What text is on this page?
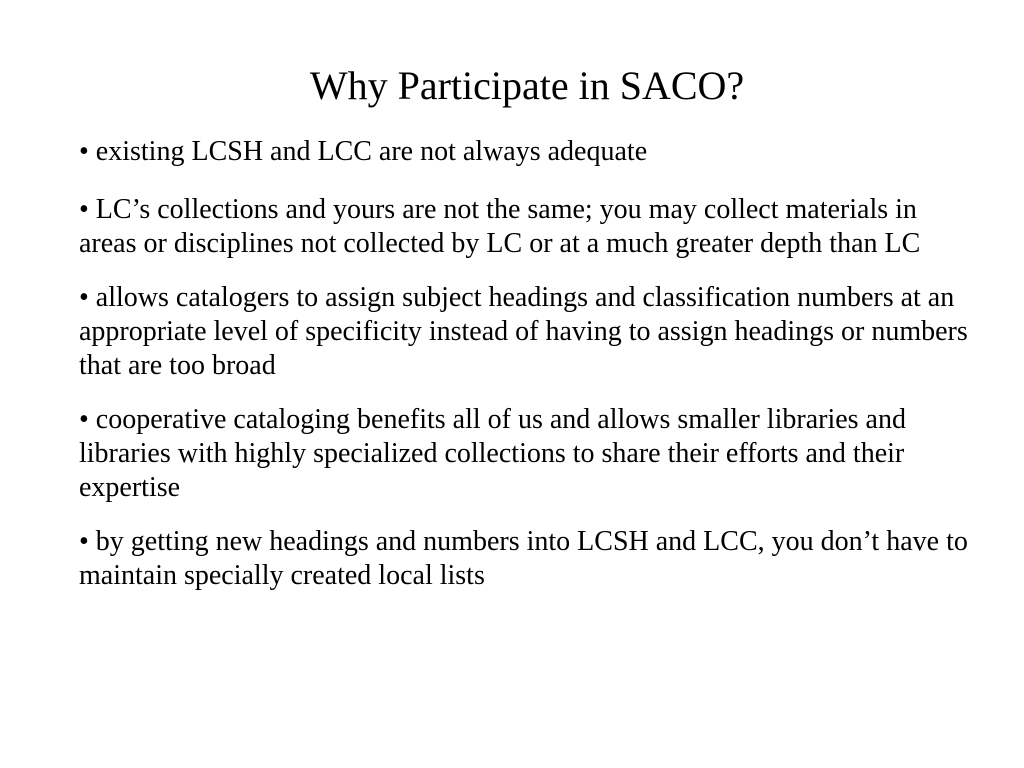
Why Participate in SACO?
• existing LCSH and LCC are not always adequate
• LC’s collections and yours are not the same; you may collect materials in areas or disciplines not collected by LC or at a much greater depth than LC
• allows catalogers to assign subject headings and classification numbers at an appropriate level of specificity instead of having to assign headings or numbers that are too broad
• cooperative cataloging benefits all of us and allows smaller libraries and libraries with highly specialized collections to share their efforts and their expertise
• by getting new headings and numbers into LCSH and LCC, you don’t have to maintain specially created local lists
